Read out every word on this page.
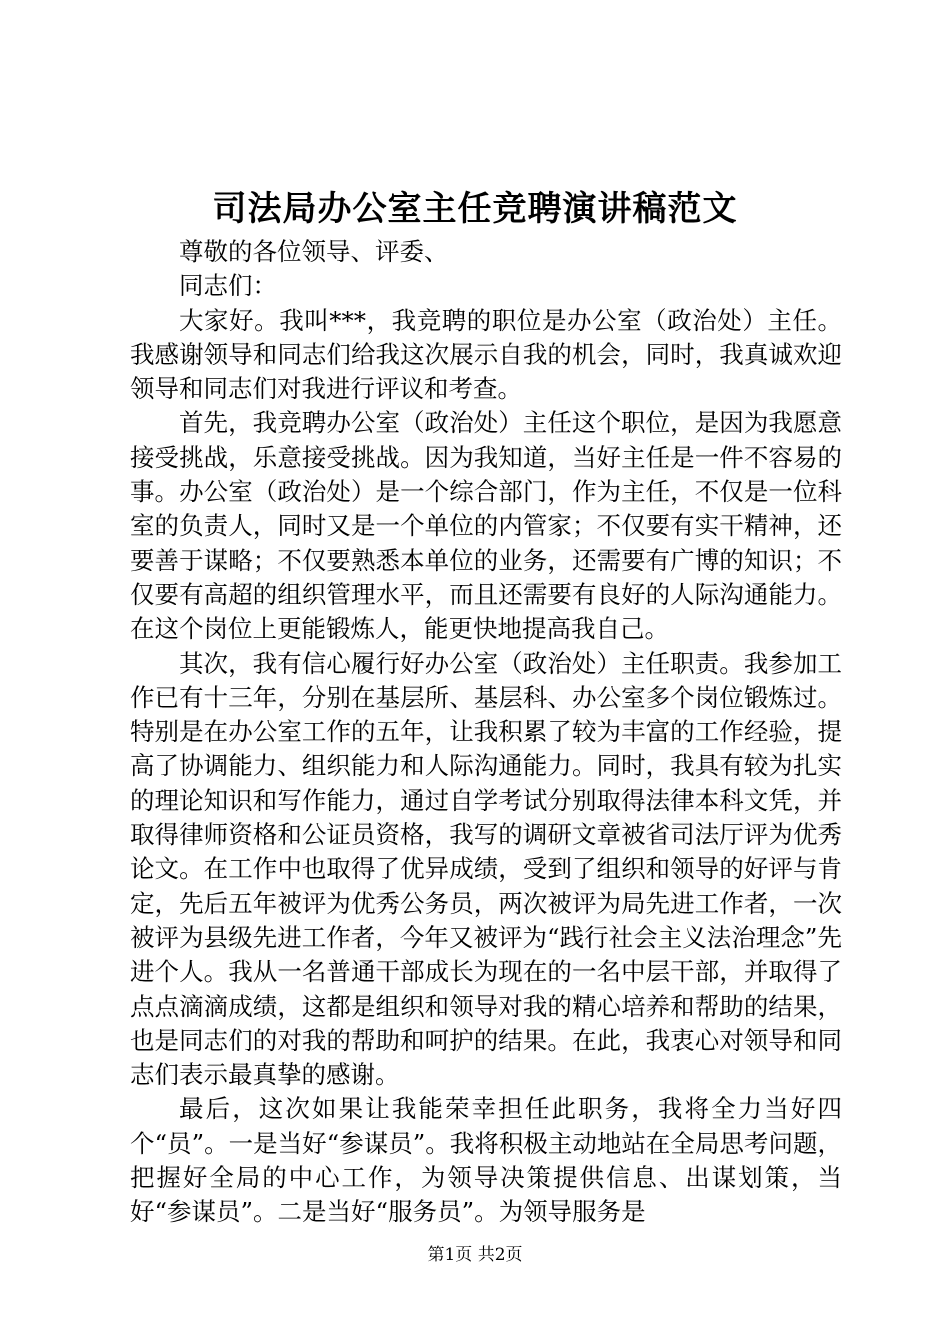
司法局办公室主任竞聘演讲稿范文

尊敬的各位领导、评委、

同志们：

大家好。我叫***，我竞聘的职位是办公室（政治处）主任。我感谢领导和同志们给我这次展示自我的机会，同时，我真诚欢迎领导和同志们对我进行评议和考查。

首先，我竞聘办公室（政治处）主任这个职位，是因为我愿意接受挑战，乐意接受挑战。因为我知道，当好主任是一件不容易的事。办公室（政治处）是一个综合部门，作为主任，不仅是一位科室的负责人，同时又是一个单位的内管家；不仅要有实干精神，还要善于谋略；不仅要熟悉本单位的业务，还需要有广博的知识；不仅要有高超的组织管理水平，而且还需要有良好的人际沟通能力。在这个岗位上更能锻炼人，能更快地提高我自己。

其次，我有信心履行好办公室（政治处）主任职责。我参加工作已有十三年，分别在基层所、基层科、办公室多个岗位锻炼过。特别是在办公室工作的五年，让我积累了较为丰富的工作经验，提高了协调能力、组织能力和人际沟通能力。同时，我具有较为扎实的理论知识和写作能力，通过自学考试分别取得法律本科文凭，并取得律师资格和公证员资格，我写的调研文章被省司法厅评为优秀论文。在工作中也取得了优异成绩，受到了组织和领导的好评与肯定，先后五年被评为优秀公务员，两次被评为局先进工作者，一次被评为县级先进工作者，今年又被评为“践行社会主义法治理念”先进个人。我从一名普通干部成长为现在的一名中层干部，并取得了点点滴滴成绩，这都是组织和领导对我的精心培养和帮助的结果，也是同志们的对我的帮助和呵护的结果。在此，我衷心对领导和同志们表示最真挚的感谢。

最后，这次如果让我能荣幸担任此职务，我将全力当好四个“员”。一是当好“参谋员”。我将积极主动地站在全局思考问题，把握好全局的中心工作，为领导决策提供信息、出谋划策，当好“参谋员”。二是当好“服务员”。为领导服务是

第1页 共2页
